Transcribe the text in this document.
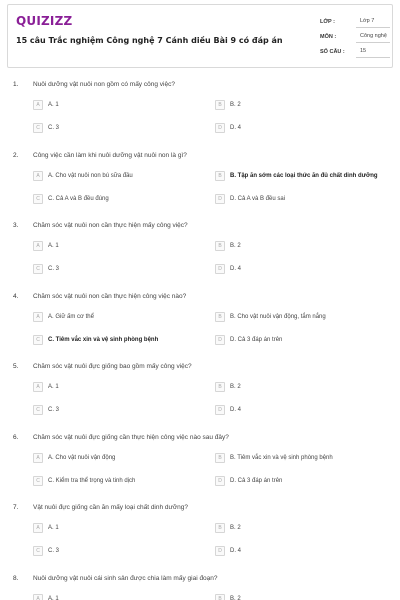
QUIZIZZ
15 câu Trắc nghiệm Công nghệ 7 Cánh diều Bài 9 có đáp án
LỚP :	Lớp 7
MÔN :	Công nghệ
SỐ CÂU :	15
1. Nuôi dưỡng vật nuôi non gồm có mấy công việc?
A	A. 1	B	B. 2
C	C. 3	D	D. 4
2. Công việc cần làm khi nuôi dưỡng vật nuôi non là gì?
A	A. Cho vật nuôi non bú sữa đầu	B	B. Tập ăn sớm các loại thức ăn đủ chất dinh dưỡng
C	C. Cả A và B đều đúng	D	D. Cả A và B đều sai
3. Chăm sóc vật nuôi non cần thực hiện mấy công việc?
A	A. 1	B	B. 2
C	C. 3	D	D. 4
4. Chăm sóc vật nuôi non cần thực hiện công việc nào?
A	A. Giữ ấm cơ thể	B	B. Cho vật nuôi vận động, tắm nắng
C	C. Tiêm vắc xin và vệ sinh phòng bệnh	D	D. Cả 3 đáp án trên
5. Chăm sóc vật nuôi đực giống bao gồm mấy công việc?
A	A. 1	B	B. 2
C	C. 3	D	D. 4
6. Chăm sóc vật nuôi đực giống cần thực hiện công việc nào sau đây?
A	A. Cho vật nuôi vận động	B	B. Tiêm vắc xin và vệ sinh phòng bệnh
C	C. Kiểm tra thể trọng và tinh dịch	D	D. Cả 3 đáp án trên
7. Vật nuôi đực giống cần ăn mấy loại chất dinh dưỡng?
A	A. 1	B	B. 2
C	C. 3	D	D. 4
8. Nuôi dưỡng vật nuôi cái sinh sản được chia làm mấy giai đoạn?
A	A. 1	B	B. 2
